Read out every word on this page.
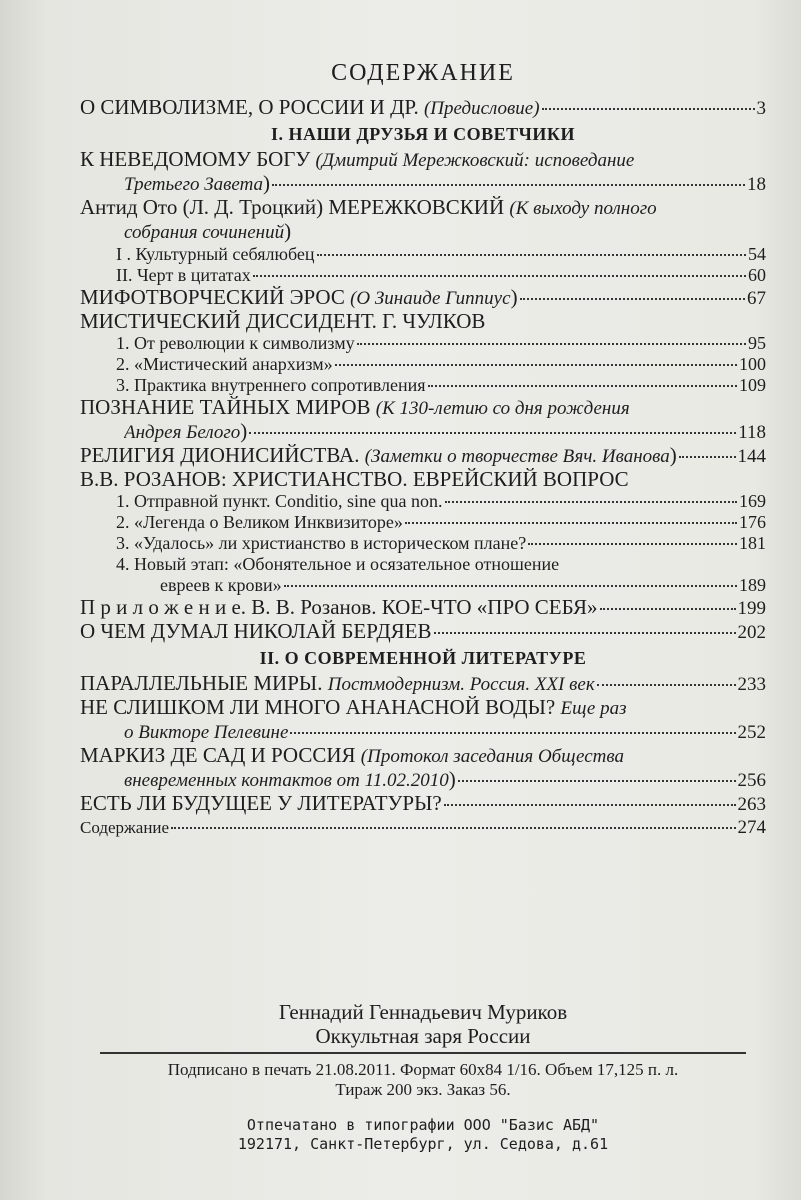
СОДЕРЖАНИЕ
О СИМВОЛИЗМЕ, О РОССИИ И ДР. (Предисловие)	3
I. НАШИ ДРУЗЬЯ И СОВЕТЧИКИ
К НЕВЕДОМОМУ БОГУ (Дмитрий Мережковский: исповедание
Третьего Завета)	18
Антид Ото (Л. Д. Троцкий) МЕРЕЖКОВСКИЙ (К выходу полного
собрания сочинений)
I . Культурный себялюбец	54
II. Черт в цитатах	60
МИФОТВОРЧЕСКИЙ ЭРОС (О Зинаиде Гиппиус)	67
МИСТИЧЕСКИЙ ДИССИДЕНТ. Г. ЧУЛКОВ
1. От революции к символизму	95
2. «Мистический анархизм»	100
3. Практика внутреннего сопротивления	109
ПОЗНАНИЕ ТАЙНЫХ МИРОВ (К 130-летию со дня рождения
Андрея Белого)	118
РЕЛИГИЯ ДИОНИСИЙСТВА. (Заметки о творчестве Вяч. Иванова)	144
В.В. РОЗАНОВ: ХРИСТИАНСТВО. ЕВРЕЙСКИЙ ВОПРОС
1. Отправной пункт. Conditio, sine qua non.	169
2. «Легенда о Великом Инквизиторе»	176
3. «Удалось» ли христианство в историческом плане?	181
4. Новый этап: «Обонятельное и осязательное отношение
евреев к крови»	189
П р и л о ж е н и е. В. В. Розанов. КОЕ-ЧТО «ПРО СЕБЯ»	199
О ЧЕМ ДУМАЛ НИКОЛАЙ БЕРДЯЕВ	202
II. О СОВРЕМЕННОЙ ЛИТЕРАТУРЕ
ПАРАЛЛЕЛЬНЫЕ МИРЫ. Постмодернизм. Россия. XXI век	233
НЕ СЛИШКОМ ЛИ МНОГО АНАНАСНОЙ ВОДЫ? Еще раз
о Викторе Пелевине	252
МАРКИЗ ДЕ САД И РОССИЯ (Протокол заседания Общества
вневременных контактов от 11.02.2010)	256
ЕСТЬ ЛИ БУДУЩЕЕ У ЛИТЕРАТУРЫ?	263
Содержание	274
Геннадий Геннадьевич Муриков
Оккультная заря России
Подписано в печать 21.08.2011. Формат 60х84 1/16. Объем 17,125 п. л.
Тираж 200 экз. Заказ 56.
Отпечатано в типографии ООО "Базис АБД"
192171, Санкт-Петербург, ул. Седова, д.61
